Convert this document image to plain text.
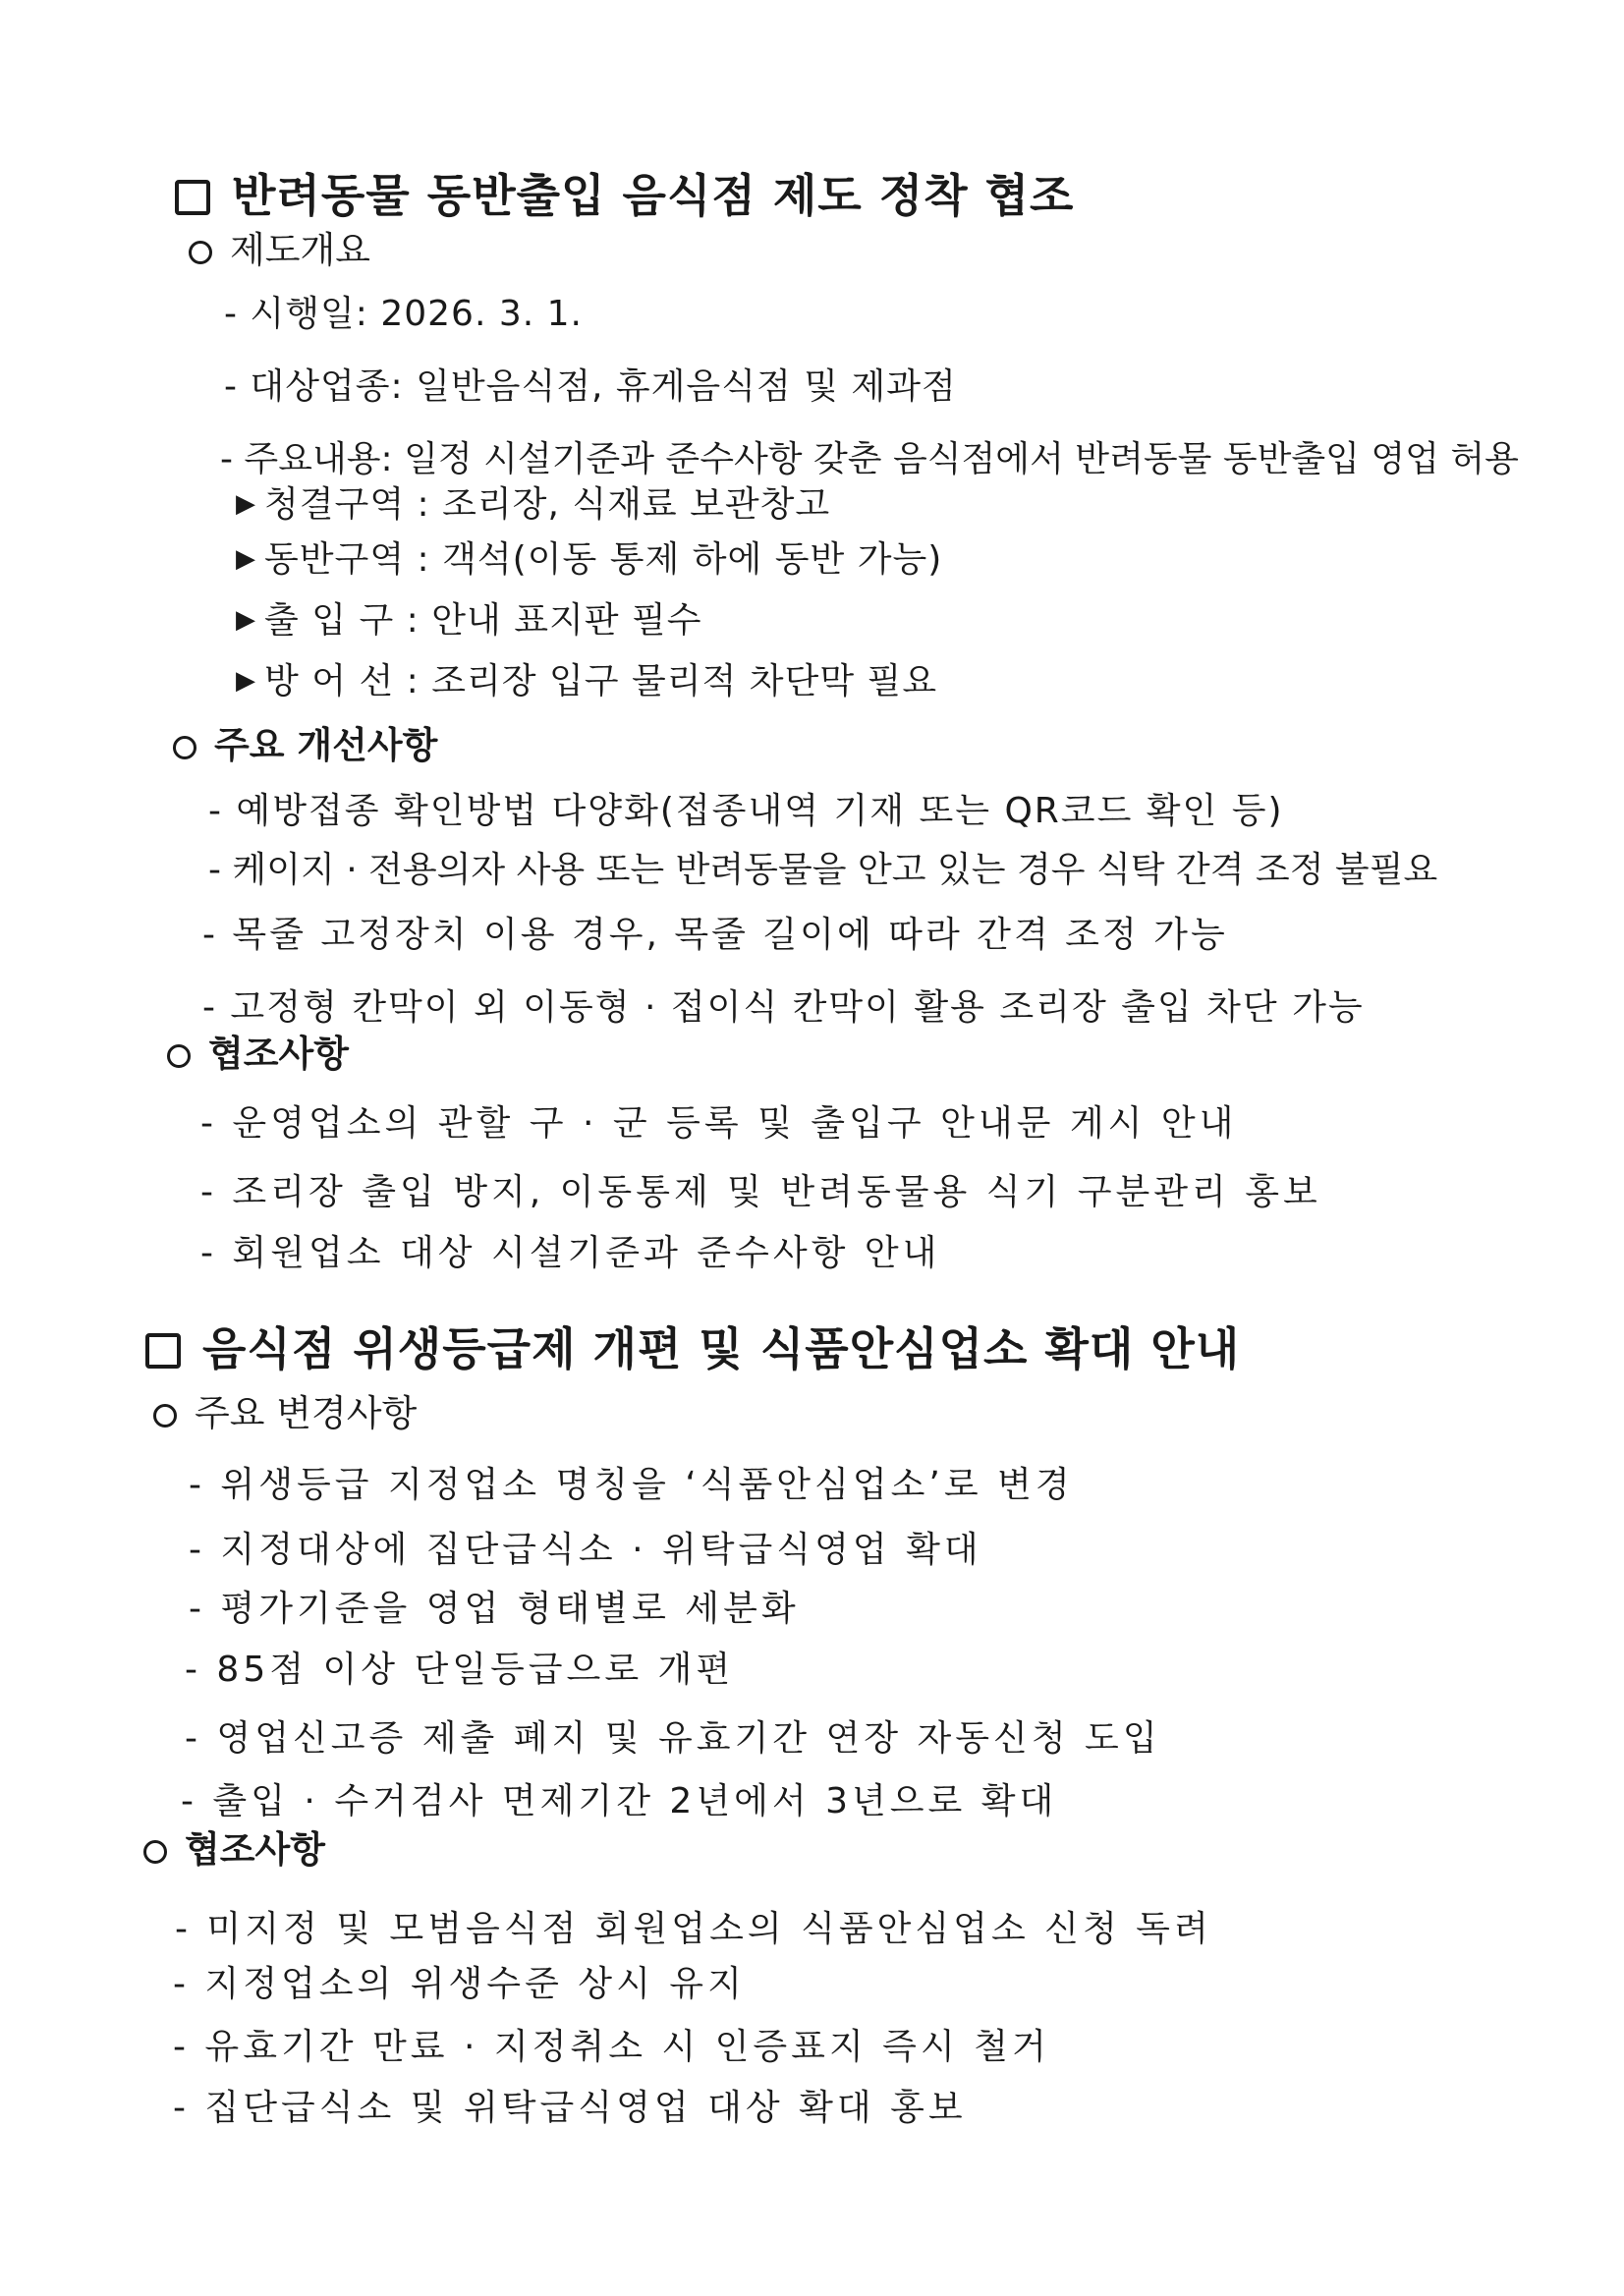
반려동물 동반출입 음식점 제도 정착 협조
제도개요
- 시행일: 2026. 3. 1.
- 대상업종: 일반음식점, 휴게음식점 및 제과점
- 주요내용: 일정 시설기준과 준수사항 갖춘 음식점에서 반려동물 동반출입 영업 허용
▶ 청결구역 : 조리장, 식재료 보관창고
▶ 동반구역 : 객석(이동 통제 하에 동반 가능)
▶ 출 입 구 : 안내 표지판 필수
▶ 방 어 선 : 조리장 입구 물리적 차단막 필요
주요 개선사항
- 예방접종 확인방법 다양화(접종내역 기재 또는 QR코드 확인 등)
- 케이지 · 전용의자 사용 또는 반려동물을 안고 있는 경우 식탁 간격 조정 불필요
- 목줄 고정장치 이용 경우, 목줄 길이에 따라 간격 조정 가능
- 고정형 칸막이 외 이동형 · 접이식 칸막이 활용 조리장 출입 차단 가능
협조사항
- 운영업소의 관할 구 · 군 등록 및 출입구 안내문 게시 안내
- 조리장 출입 방지, 이동통제 및 반려동물용 식기 구분관리 홍보
- 회원업소 대상 시설기준과 준수사항 안내
음식점 위생등급제 개편 및 식품안심업소 확대 안내
주요 변경사항
- 위생등급 지정업소 명칭을 ‘식품안심업소’로 변경
- 지정대상에 집단급식소 · 위탁급식영업 확대
- 평가기준을 영업 형태별로 세분화
- 85점 이상 단일등급으로 개편
- 영업신고증 제출 폐지 및 유효기간 연장 자동신청 도입
- 출입 · 수거검사 면제기간 2년에서 3년으로 확대
협조사항
- 미지정 및 모범음식점 회원업소의 식품안심업소 신청 독려
- 지정업소의 위생수준 상시 유지
- 유효기간 만료 · 지정취소 시 인증표지 즉시 철거
- 집단급식소 및 위탁급식영업 대상 확대 홍보
